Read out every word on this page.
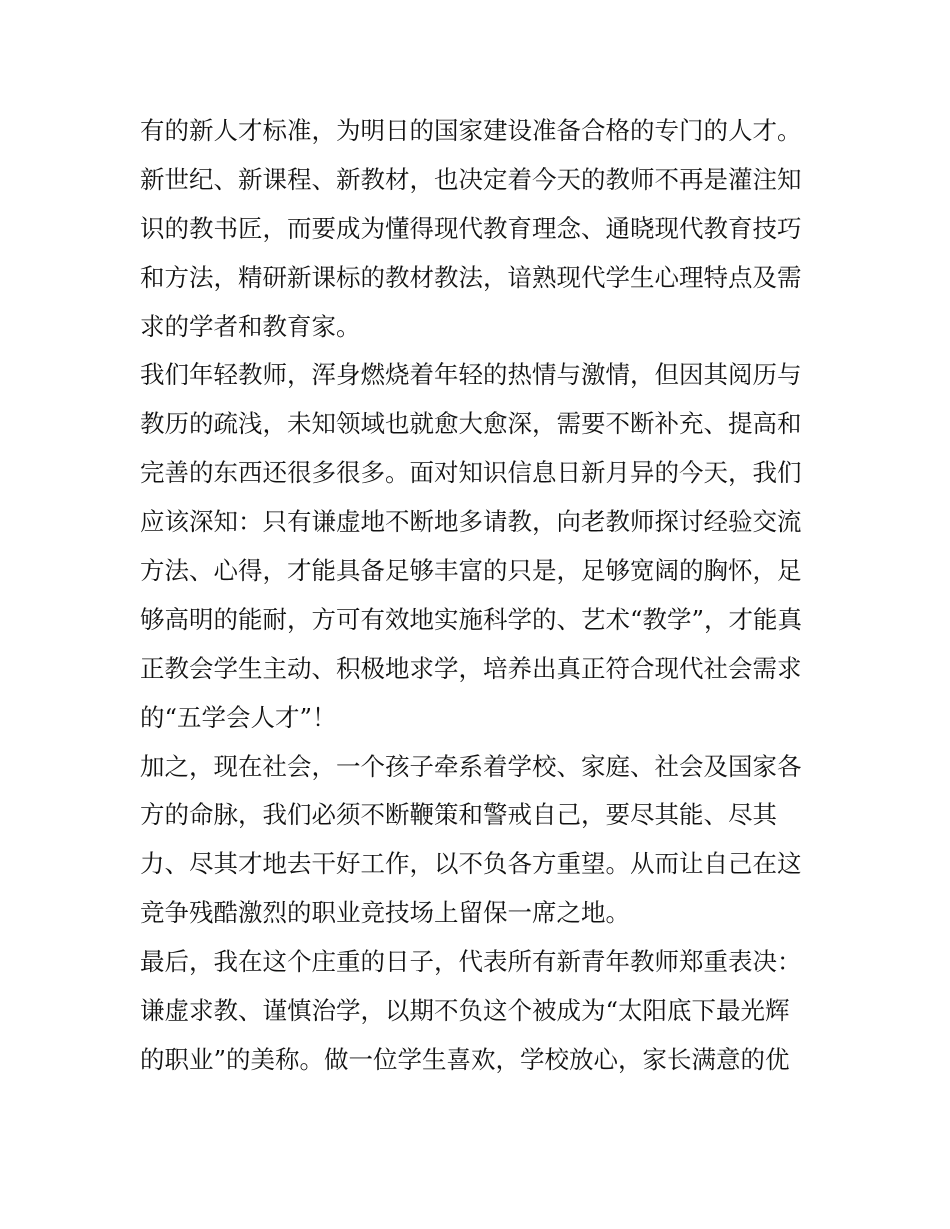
有的新人才标准，为明日的国家建设准备合格的专门的人才。
新世纪、新课程、新教材，也决定着今天的教师不再是灌注知
识的教书匠，而要成为懂得现代教育理念、通晓现代教育技巧
和方法，精研新课标的教材教法，谙熟现代学生心理特点及需
求的学者和教育家。
我们年轻教师，浑身燃烧着年轻的热情与激情，但因其阅历与
教历的疏浅，未知领域也就愈大愈深，需要不断补充、提高和
完善的东西还很多很多。面对知识信息日新月异的今天，我们
应该深知：只有谦虚地不断地多请教，向老教师探讨经验交流
方法、心得，才能具备足够丰富的只是，足够宽阔的胸怀，足
够高明的能耐，方可有效地实施科学的、艺术“教学”，才能真
正教会学生主动、积极地求学，培养出真正符合现代社会需求
的“五学会人才”！
加之，现在社会，一个孩子牵系着学校、家庭、社会及国家各
方的命脉，我们必须不断鞭策和警戒自己，要尽其能、尽其
力、尽其才地去干好工作，以不负各方重望。从而让自己在这
竞争残酷激烈的职业竞技场上留保一席之地。
最后，我在这个庄重的日子，代表所有新青年教师郑重表决：
谦虚求教、谨慎治学，以期不负这个被成为“太阳底下最光辉
的职业”的美称。做一位学生喜欢，学校放心，家长满意的优
